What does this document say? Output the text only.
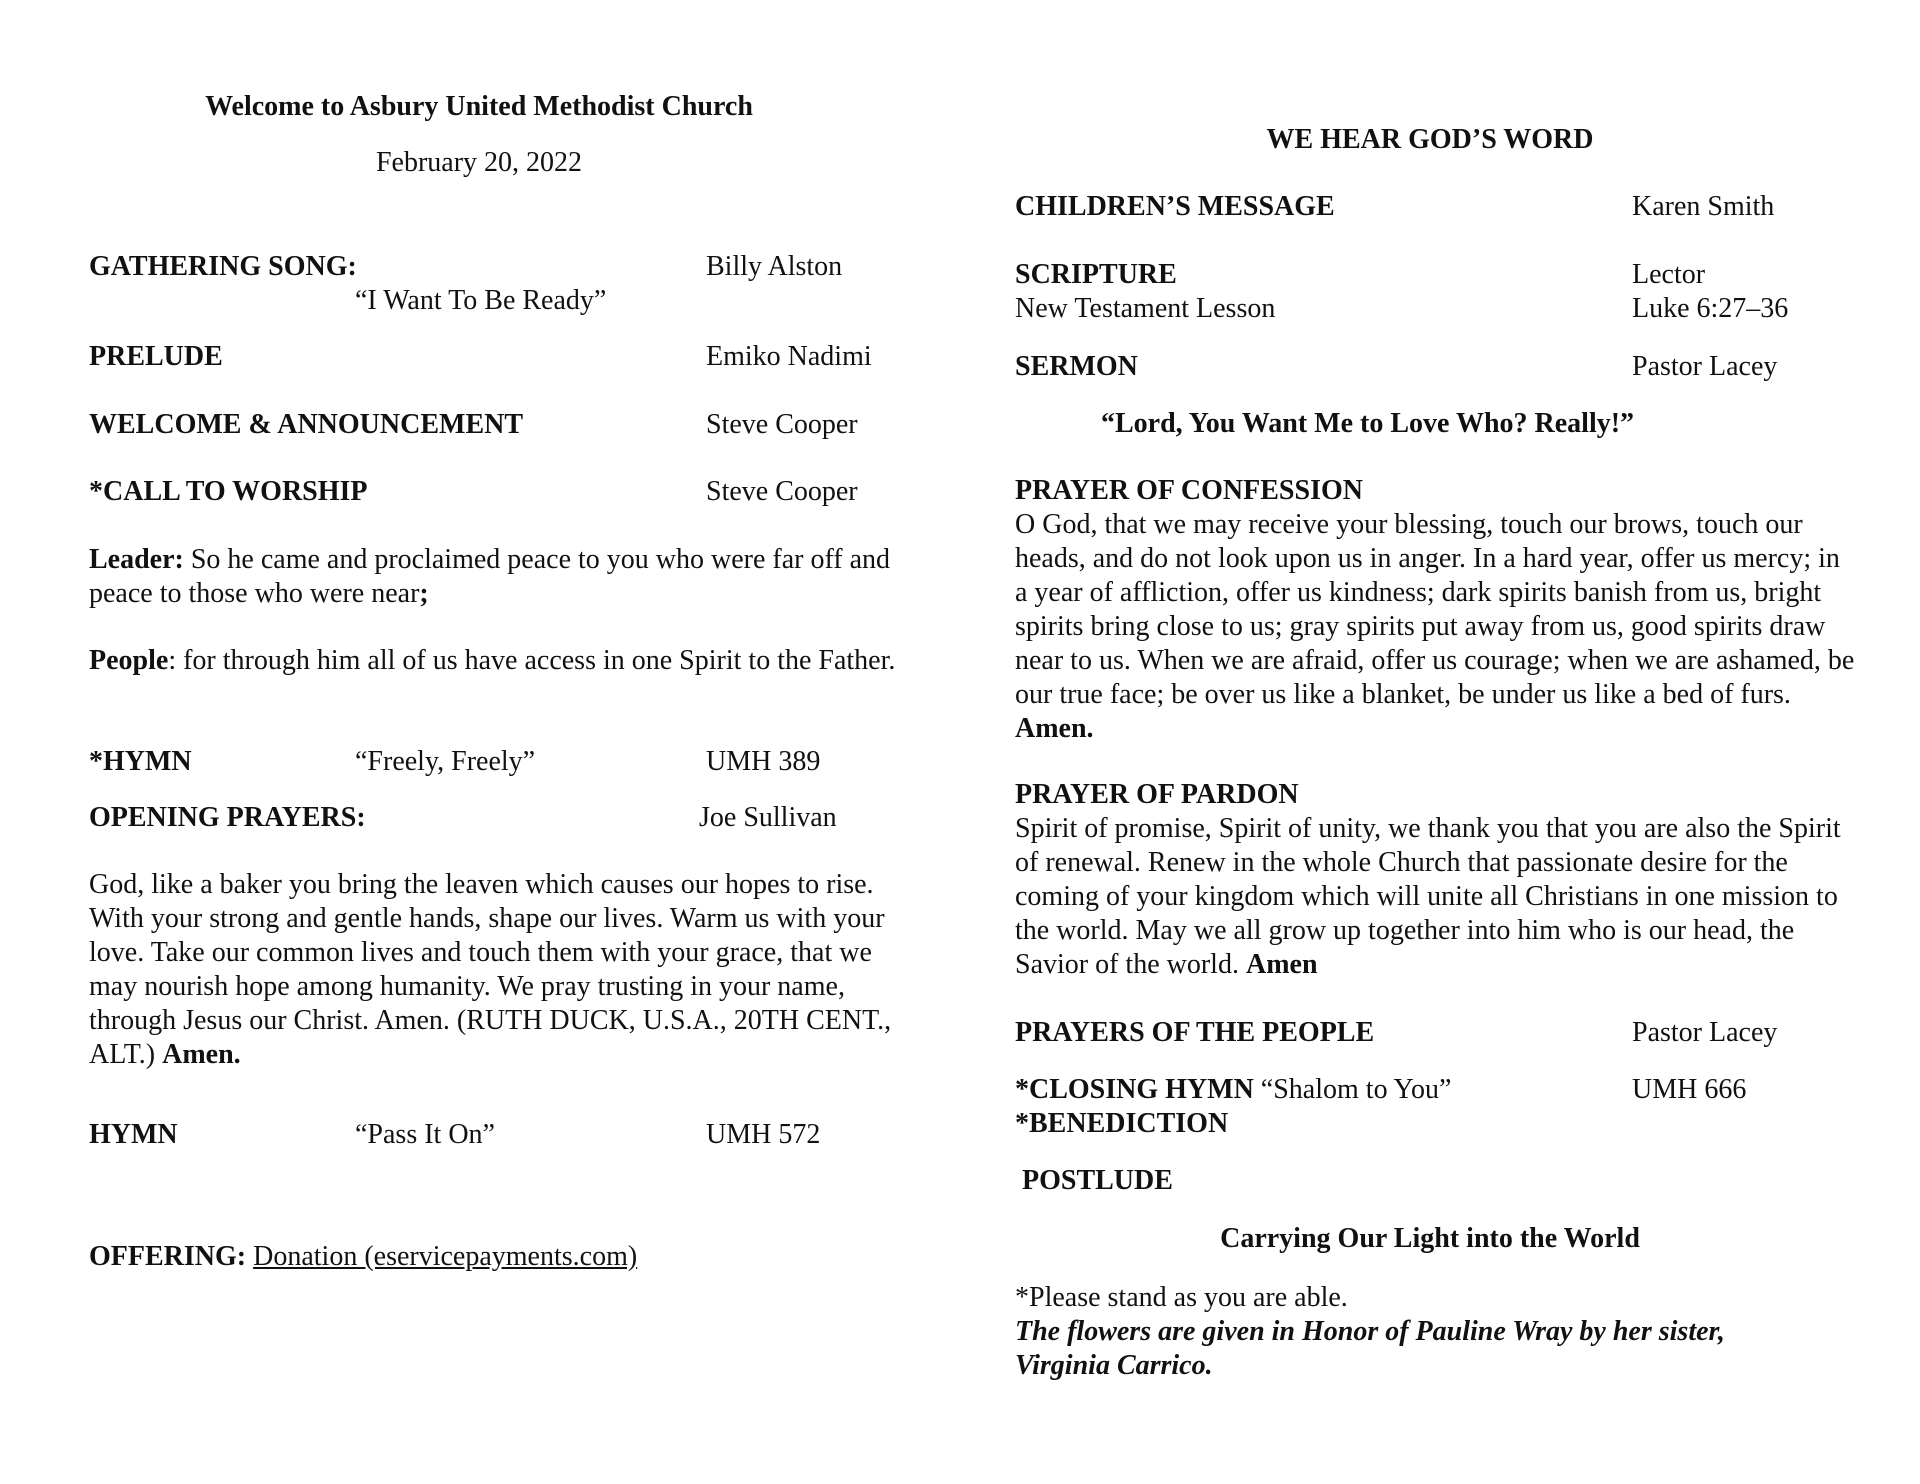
Welcome to Asbury United Methodist Church
February 20, 2022
GATHERING SONG:	Billy Alston
“I Want To Be Ready”
PRELUDE	Emiko Nadimi
WELCOME & ANNOUNCEMENT	Steve Cooper
*CALL TO WORSHIP	Steve Cooper
Leader: So he came and proclaimed peace to you who were far off and peace to those who were near;
People: for through him all of us have access in one Spirit to the Father.
*HYMN	“Freely, Freely”	UMH 389
OPENING PRAYERS:	Joe Sullivan
God, like a baker you bring the leaven which causes our hopes to rise. With your strong and gentle hands, shape our lives. Warm us with your love. Take our common lives and touch them with your grace, that we may nourish hope among humanity. We pray trusting in your name, through Jesus our Christ. Amen. (RUTH DUCK, U.S.A., 20TH CENT., ALT.) Amen.
HYMN	“Pass It On”	UMH 572
OFFERING: Donation (eservicepayments.com)
WE HEAR GOD’S WORD
CHILDREN’S MESSAGE	Karen Smith
SCRIPTURE	Lector
New Testament Lesson	Luke 6:27–36
SERMON	Pastor Lacey
“Lord, You Want Me to Love Who? Really!”
PRAYER OF CONFESSION
O God, that we may receive your blessing, touch our brows, touch our heads, and do not look upon us in anger. In a hard year, offer us mercy; in a year of affliction, offer us kindness; dark spirits banish from us, bright spirits bring close to us; gray spirits put away from us, good spirits draw near to us. When we are afraid, offer us courage; when we are ashamed, be our true face; be over us like a blanket, be under us like a bed of furs. Amen.
PRAYER OF PARDON
Spirit of promise, Spirit of unity, we thank you that you are also the Spirit of renewal. Renew in the whole Church that passionate desire for the coming of your kingdom which will unite all Christians in one mission to the world. May we all grow up together into him who is our head, the Savior of the world. Amen
PRAYERS OF THE PEOPLE	Pastor Lacey
*CLOSING HYMN “Shalom to You”	UMH 666
*BENEDICTION
POSTLUDE
Carrying Our Light into the World
*Please stand as you are able.
The flowers are given in Honor of Pauline Wray by her sister, Virginia Carrico.
